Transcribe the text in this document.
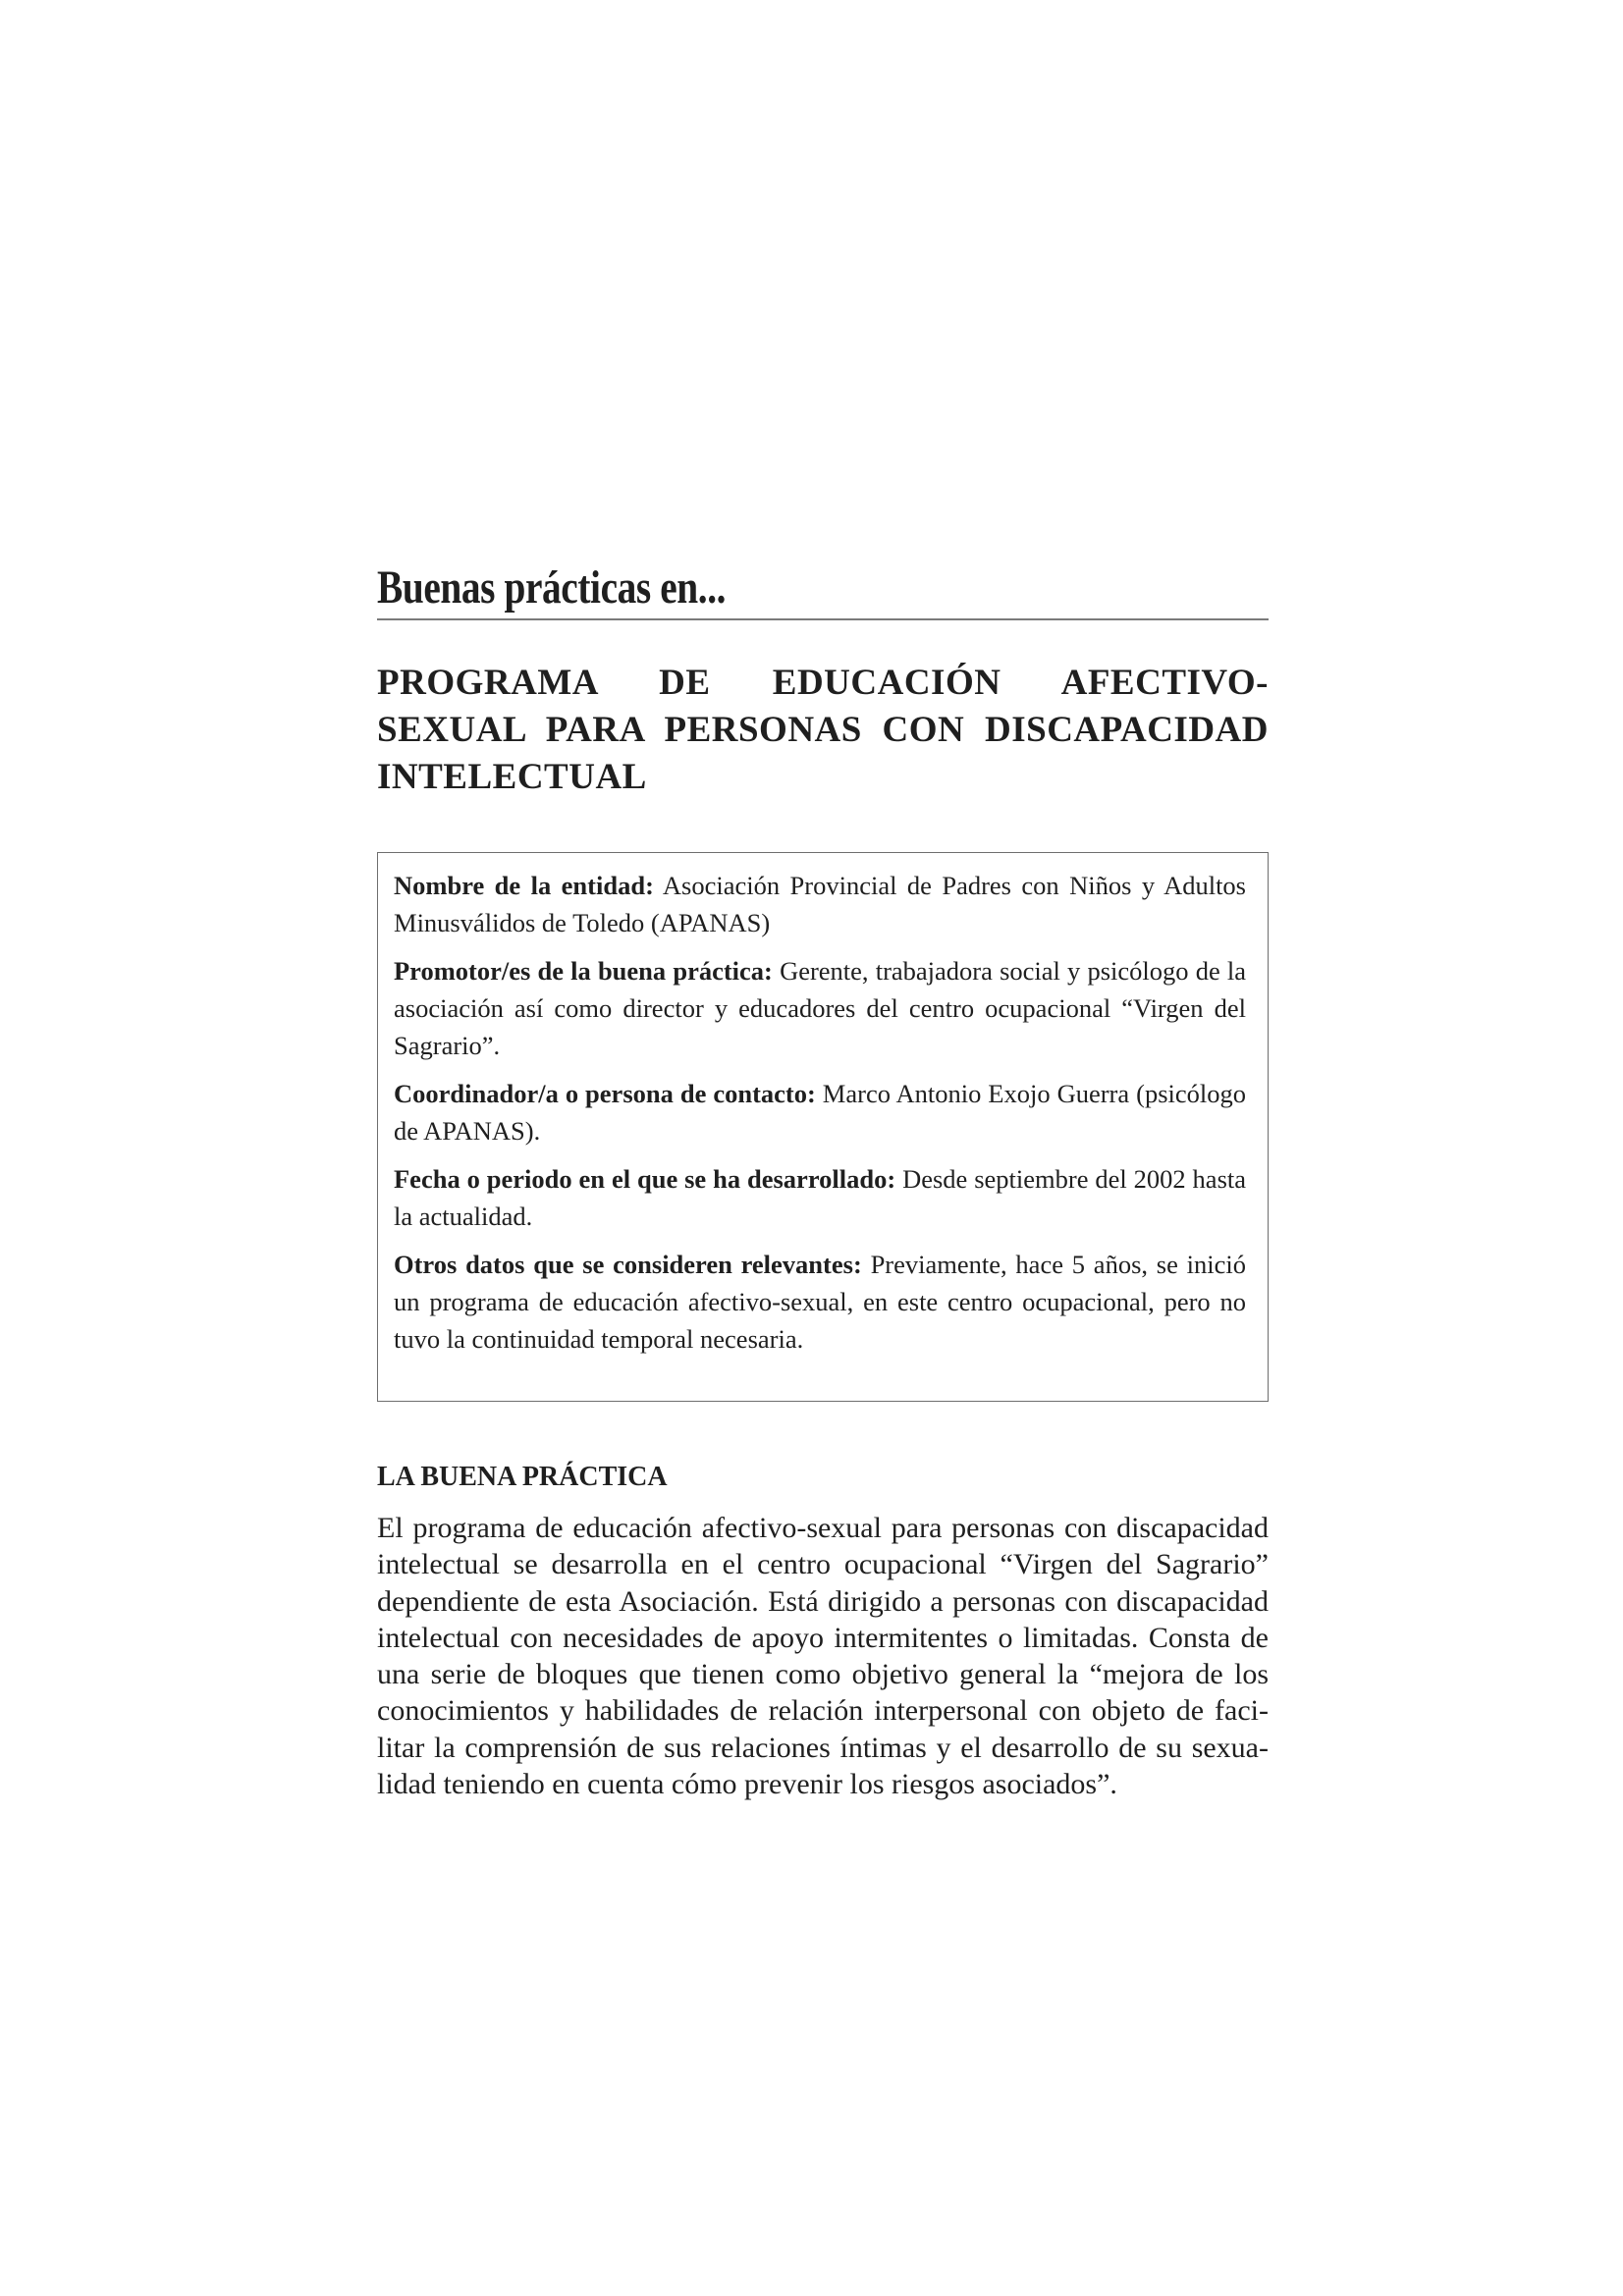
Buenas prácticas en...
PROGRAMA DE EDUCACIÓN AFECTIVO-
SEXUAL PARA PERSONAS CON DISCAPACIDAD
INTELECTUAL

Nombre de la entidad: Asociación Provincial de Padres con Niños y Adultos Minusválidos de Toledo (APANAS)

Promotor/es de la buena práctica: Gerente, trabajadora social y psicólogo de la asociación así como director y educadores del centro ocupacional “Virgen del Sagrario”.

Coordinador/a o persona de contacto: Marco Antonio Exojo Guerra (psicólogo de APANAS).

Fecha o periodo en el que se ha desarrollado: Desde septiembre del 2002 hasta la actualidad.

Otros datos que se consideren relevantes: Previamente, hace 5 años, se inició un programa de educación afectivo-sexual, en este centro ocupacional, pero no tuvo la continuidad temporal necesaria.

LA BUENA PRÁCTICA

El programa de educación afectivo-sexual para personas con discapacidad intelectual se desarrolla en el centro ocupacional “Virgen del Sagrario” dependiente de esta Asociación. Está dirigido a personas con discapacidad intelectual con necesidades de apoyo intermitentes o limitadas. Consta de una serie de bloques que tienen como objetivo general la “mejora de los conocimientos y habilidades de relación interpersonal con objeto de facilitar la comprensión de sus relaciones íntimas y el desarrollo de su sexualidad teniendo en cuenta cómo prevenir los riesgos asociados”.
